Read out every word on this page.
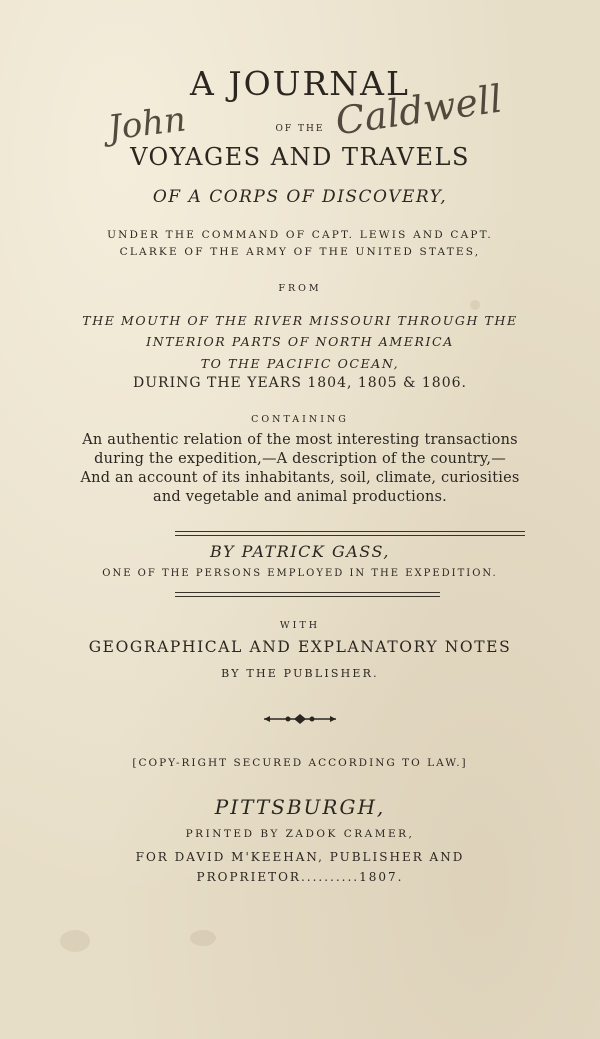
A JOURNAL
OF THE
VOYAGES AND TRAVELS
OF A CORPS OF DISCOVERY,
John	Caldwell
UNDER THE COMMAND OF CAPT. LEWIS AND CAPT.
CLARKE OF THE ARMY OF THE UNITED STATES,
FROM
THE MOUTH OF THE RIVER MISSOURI THROUGH THE
INTERIOR PARTS OF NORTH AMERICA
TO THE PACIFIC OCEAN,
DURING THE YEARS 1804, 1805 & 1806.
CONTAINING
An authentic relation of the most interesting transactions
during the expedition,—A description of the country,—
And an account of its inhabitants, soil, climate, curiosities
and vegetable and animal productions.
BY PATRICK GASS,
ONE OF THE PERSONS EMPLOYED IN THE EXPEDITION.
WITH
GEOGRAPHICAL AND EXPLANATORY NOTES
BY THE PUBLISHER.
[COPY-RIGHT SECURED ACCORDING TO LAW.]
PITTSBURGH,
PRINTED BY ZADOK CRAMER,
FOR DAVID M'KEEHAN, PUBLISHER AND
PROPRIETOR..........1807.
